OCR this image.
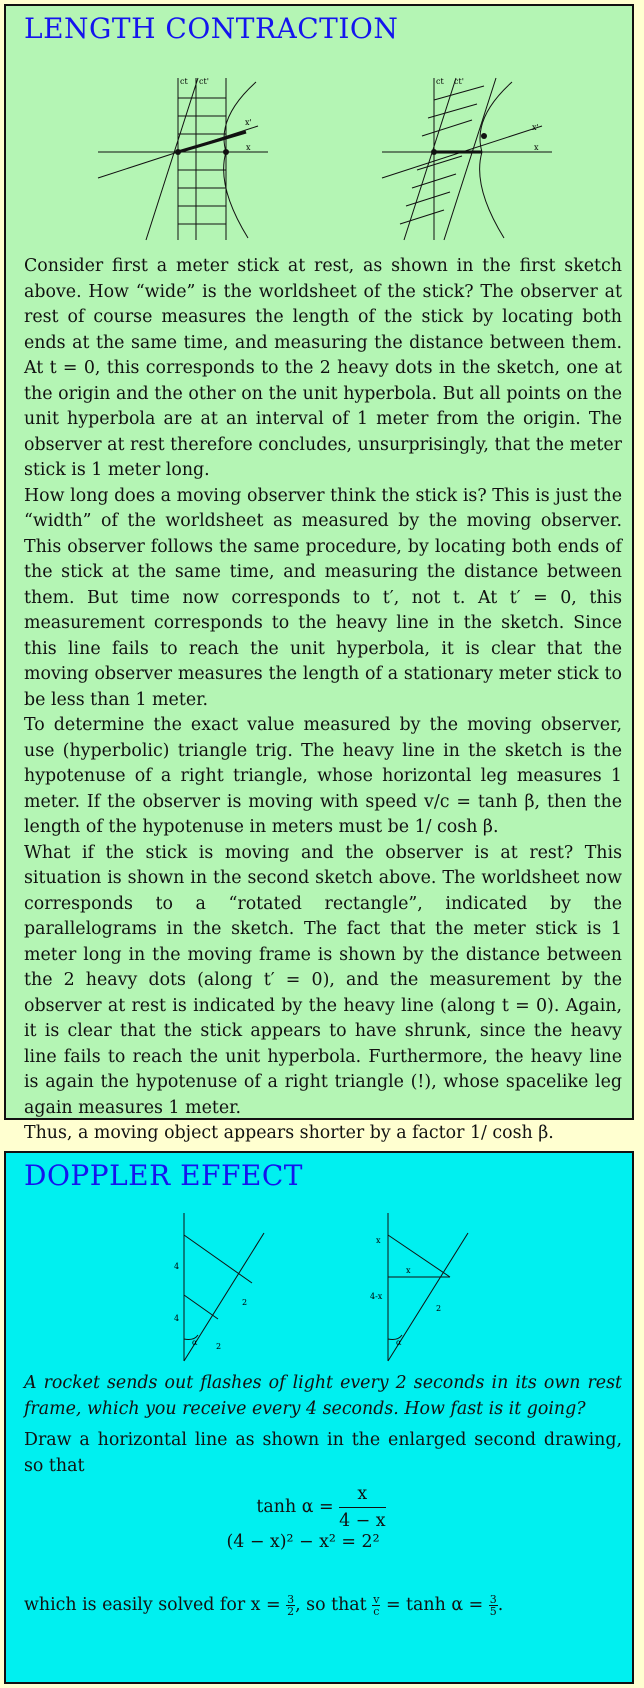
LENGTH CONTRACTION
ct ct'
x'
x
ct ct'
x'
x

Consider first a meter stick at rest, as shown in the first sketch above. How “wide” is the worldsheet of the stick? The observer at rest of course measures the length of the stick by locating both ends at the same time, and measuring the distance between them. At t = 0, this corresponds to the 2 heavy dots in the sketch, one at the origin and the other on the unit hyperbola. But all points on the unit hyperbola are at an interval of 1 meter from the origin. The observer at rest therefore concludes, unsurprisingly, that the meter stick is 1 meter long.

How long does a moving observer think the stick is? This is just the “width” of the worldsheet as measured by the moving observer. This observer follows the same procedure, by locating both ends of the stick at the same time, and measuring the distance between them. But time now corresponds to t′, not t. At t′ = 0, this measurement corresponds to the heavy line in the sketch. Since this line fails to reach the unit hyperbola, it is clear that the moving observer measures the length of a stationary meter stick to be less than 1 meter.

To determine the exact value measured by the moving observer, use (hyperbolic) triangle trig. The heavy line in the sketch is the hypotenuse of a right triangle, whose horizontal leg measures 1 meter. If the observer is moving with speed v/c = tanh β, then the length of the hypotenuse in meters must be 1/ cosh β.

What if the stick is moving and the observer is at rest? This situation is shown in the second sketch above. The worldsheet now corresponds to a “rotated rectangle”, indicated by the parallelograms in the sketch. The fact that the meter stick is 1 meter long in the moving frame is shown by the distance between the 2 heavy dots (along t′ = 0), and the measurement by the observer at rest is indicated by the heavy line (along t = 0). Again, it is clear that the stick appears to have shrunk, since the heavy line fails to reach the unit hyperbola. Furthermore, the heavy line is again the hypotenuse of a right triangle (!), whose spacelike leg again measures 1 meter.

Thus, a moving object appears shorter by a factor 1/ cosh β.

DOPPLER EFFECT
4
4
2
2
α
x
x
4-x
2
α

A rocket sends out flashes of light every 2 seconds in its own rest frame, which you receive every 4 seconds. How fast is it going?

Draw a horizontal line as shown in the enlarged second drawing, so that

$\tanh \alpha = \frac{x}{4 - x}$
(4 − x)² − x² = 2²
which is easily solved for $x = \frac{3}{2}$, so that $\frac{v}{c} = \tanh \alpha = \frac{3}{5}$.
